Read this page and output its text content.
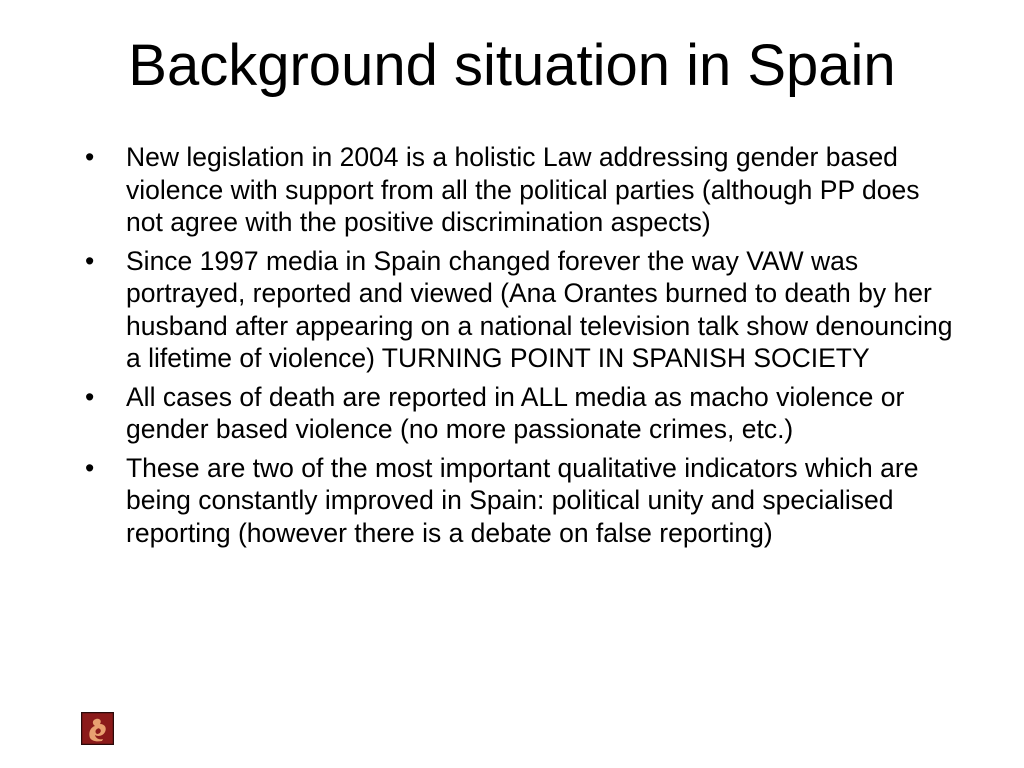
Background situation in Spain
•	New legislation in 2004 is a holistic Law addressing gender based violence with support from all the political parties (although PP does not agree with the positive discrimination aspects)
•	Since 1997 media in Spain changed forever the way VAW was portrayed, reported and viewed (Ana Orantes burned to death by her husband after appearing on a national television talk show denouncing a lifetime of violence) TURNING POINT IN SPANISH SOCIETY
•	All cases of death are reported in ALL media as macho violence or gender based violence (no more passionate crimes, etc.)
•	These are two of the most important qualitative indicators which are being constantly improved in Spain: political unity and specialised reporting (however there is a debate on false reporting)
